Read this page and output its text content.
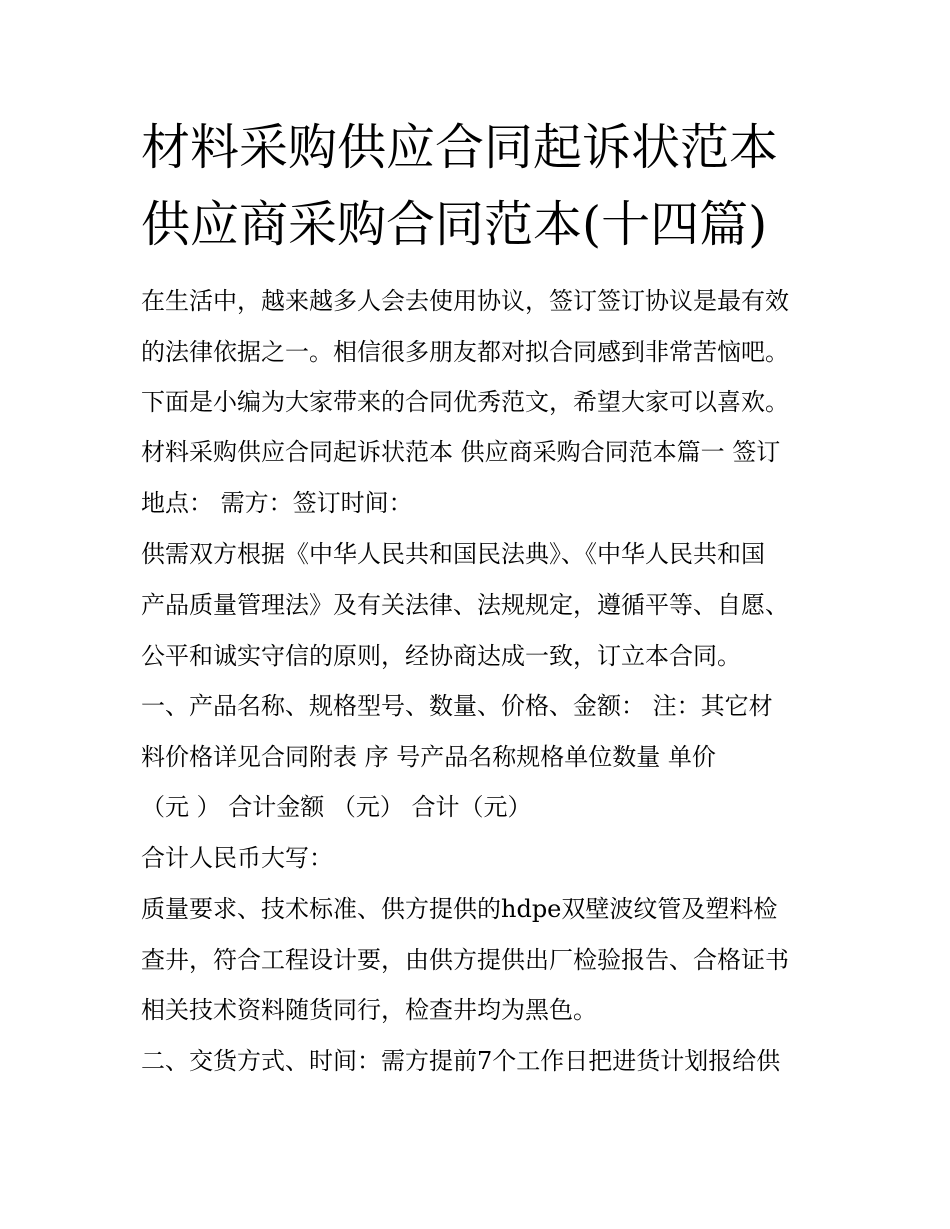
材料采购供应合同起诉状范本
供应商采购合同范本(十四篇)
在生活中，越来越多人会去使用协议，签订签订协议是最有效
的法律依据之一。相信很多朋友都对拟合同感到非常苦恼吧。
下面是小编为大家带来的合同优秀范文，希望大家可以喜欢。
材料采购供应合同起诉状范本 供应商采购合同范本篇一 签订
地点： 需方：签订时间：
供需双方根据《中华人民共和国民法典》、《中华人民共和国
产品质量管理法》及有关法律、法规规定，遵循平等、自愿、
公平和诚实守信的原则，经协商达成一致，订立本合同。
一、产品名称、规格型号、数量、价格、金额： 注：其它材
料价格详见合同附表 序 号产品名称规格单位数量 单价
（元 ） 合计金额 （元） 合计（元）
合计人民币大写：
质量要求、技术标准、供方提供的hdpe双壁波纹管及塑料检
查井，符合工程设计要，由供方提供出厂检验报告、合格证书
相关技术资料随货同行，检查井均为黑色。
二、交货方式、时间：需方提前7个工作日把进货计划报给供
